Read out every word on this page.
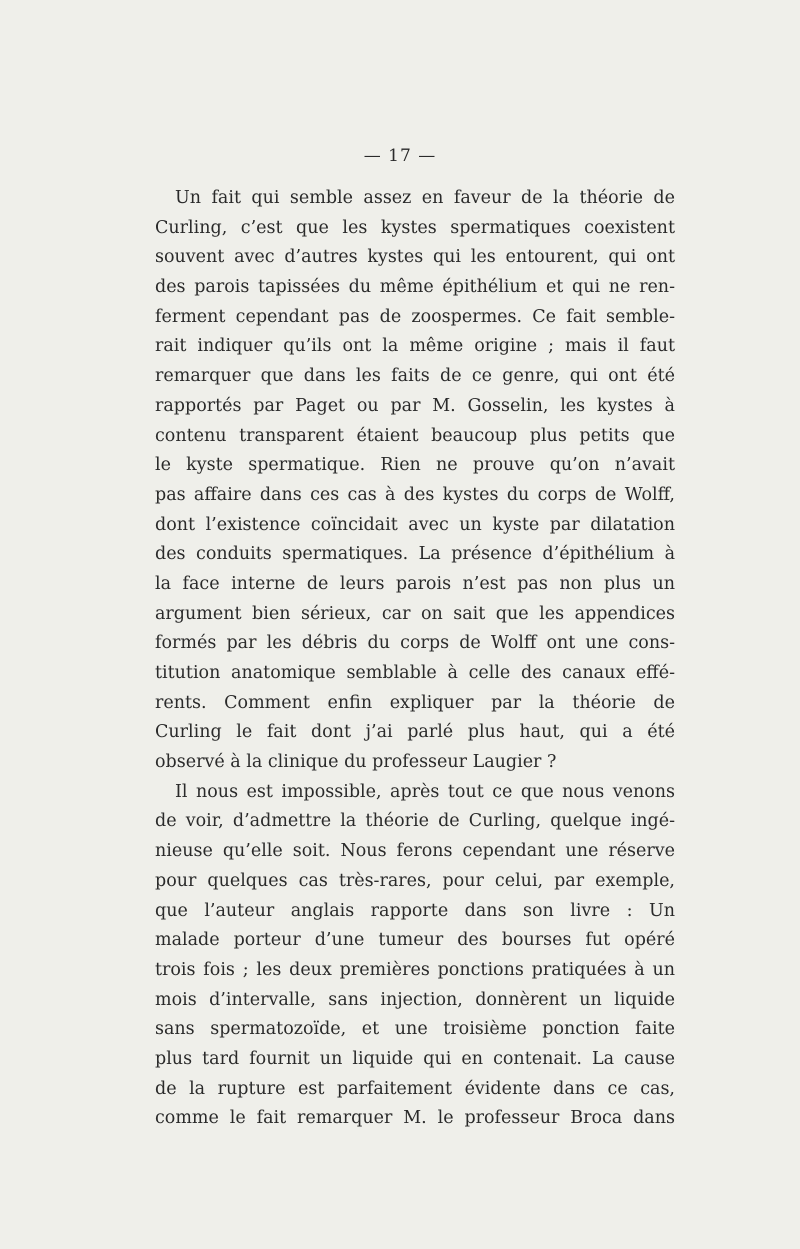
— 17 —
Un fait qui semble assez en faveur de la théorie de
Curling, c’est que les kystes spermatiques coexistent
souvent avec d’autres kystes qui les entourent, qui ont
des parois tapissées du même épithélium et qui ne ren-
ferment cependant pas de zoospermes. Ce fait semble-
rait indiquer qu’ils ont la même origine ; mais il faut
remarquer que dans les faits de ce genre, qui ont été
rapportés par Paget ou par M. Gosselin, les kystes à
contenu transparent étaient beaucoup plus petits que
le kyste spermatique. Rien ne prouve qu’on n’avait
pas affaire dans ces cas à des kystes du corps de Wolff,
dont l’existence coïncidait avec un kyste par dilatation
des conduits spermatiques. La présence d’épithélium à
la face interne de leurs parois n’est pas non plus un
argument bien sérieux, car on sait que les appendices
formés par les débris du corps de Wolff ont une cons-
titution anatomique semblable à celle des canaux effé-
rents. Comment enfin expliquer par la théorie de
Curling le fait dont j’ai parlé plus haut, qui a été
observé à la clinique du professeur Laugier ?
Il nous est impossible, après tout ce que nous venons
de voir, d’admettre la théorie de Curling, quelque ingé-
nieuse qu’elle soit. Nous ferons cependant une réserve
pour quelques cas très-rares, pour celui, par exemple,
que l’auteur anglais rapporte dans son livre : Un
malade porteur d’une tumeur des bourses fut opéré
trois fois ; les deux premières ponctions pratiquées à un
mois d’intervalle, sans injection, donnèrent un liquide
sans spermatozoïde, et une troisième ponction faite
plus tard fournit un liquide qui en contenait. La cause
de la rupture est parfaitement évidente dans ce cas,
comme le fait remarquer M. le professeur Broca dans
